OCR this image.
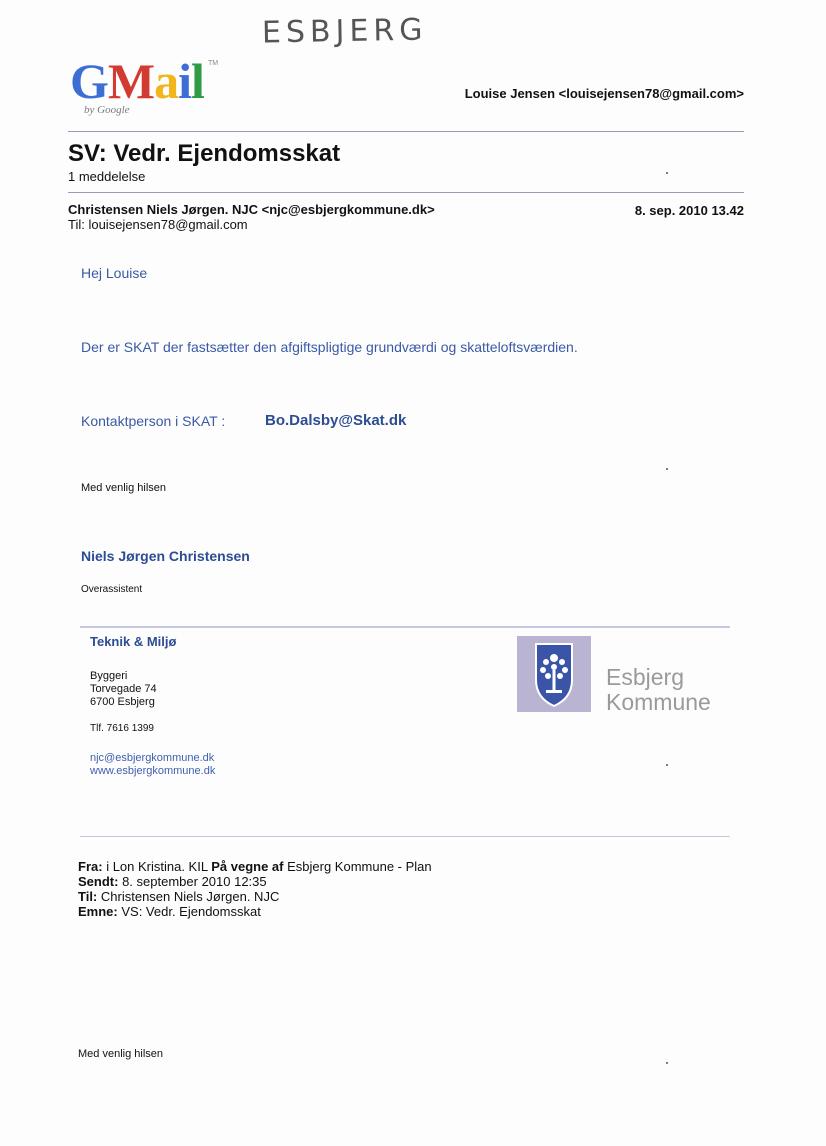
ESBJERG
GMail
by Google
TM
Louise Jensen <louisejensen78@gmail.com>
SV: Vedr. Ejendomsskat
1 meddelelse
Christensen Niels Jørgen. NJC <njc@esbjergkommune.dk>
Til: louisejensen78@gmail.com
8. sep. 2010 13.42
Hej Louise
Der er SKAT der fastsætter den afgiftspligtige grundværdi og skatteloftsværdien.
Kontaktperson i SKAT :	Bo.Dalsby@Skat.dk
Med venlig hilsen
Niels Jørgen Christensen
Overassistent
Teknik & Miljø
Byggeri
Torvegade 74
6700 Esbjerg
Tlf. 7616 1399
njc@esbjergkommune.dk
www.esbjergkommune.dk
Esbjerg
Kommune
Fra: i Lon Kristina. KIL På vegne af Esbjerg Kommune - Plan
Sendt: 8. september 2010 12:35
Til: Christensen Niels Jørgen. NJC
Emne: VS: Vedr. Ejendomsskat
Med venlig hilsen
